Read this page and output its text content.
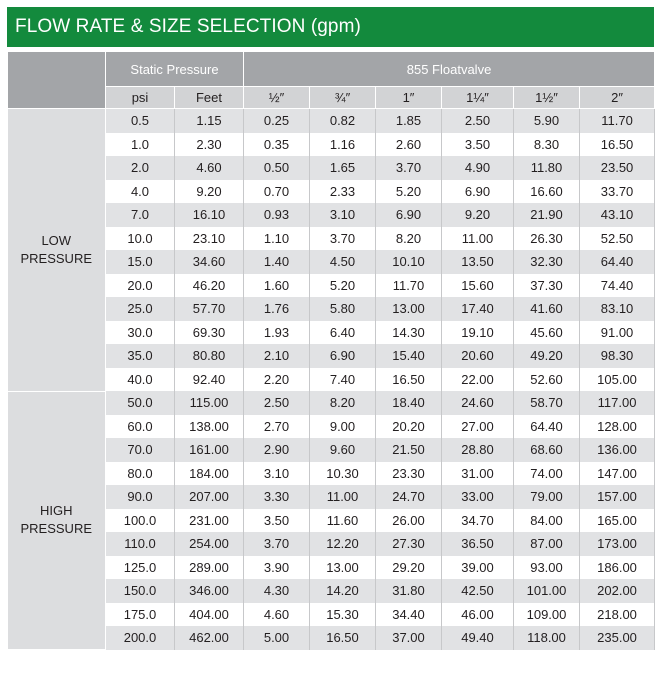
FLOW RATE & SIZE SELECTION (gpm)
	Static Pressure		855 Floatvalve					
	psi	Feet	½″	¾″	1″	1¼″	1½″	2″

LOW
PRESSURE	0.5	1.15	0.25	0.82	1.85	2.50	5.90	11.70
	1.0	2.30	0.35	1.16	2.60	3.50	8.30	16.50
	2.0	4.60	0.50	1.65	3.70	4.90	11.80	23.50
	4.0	9.20	0.70	2.33	5.20	6.90	16.60	33.70
	7.0	16.10	0.93	3.10	6.90	9.20	21.90	43.10
	10.0	23.10	1.10	3.70	8.20	11.00	26.30	52.50
	15.0	34.60	1.40	4.50	10.10	13.50	32.30	64.40
	20.0	46.20	1.60	5.20	11.70	15.60	37.30	74.40
	25.0	57.70	1.76	5.80	13.00	17.40	41.60	83.10
	30.0	69.30	1.93	6.40	14.30	19.10	45.60	91.00
	35.0	80.80	2.10	6.90	15.40	20.60	49.20	98.30
	40.0	92.40	2.20	7.40	16.50	22.00	52.60	105.00

HIGH
PRESSURE	50.0	115.00	2.50	8.20	18.40	24.60	58.70	117.00
	60.0	138.00	2.70	9.00	20.20	27.00	64.40	128.00
	70.0	161.00	2.90	9.60	21.50	28.80	68.60	136.00
	80.0	184.00	3.10	10.30	23.30	31.00	74.00	147.00
	90.0	207.00	3.30	11.00	24.70	33.00	79.00	157.00
	100.0	231.00	3.50	11.60	26.00	34.70	84.00	165.00
	110.0	254.00	3.70	12.20	27.30	36.50	87.00	173.00
	125.0	289.00	3.90	13.00	29.20	39.00	93.00	186.00
	150.0	346.00	4.30	14.20	31.80	42.50	101.00	202.00
	175.0	404.00	4.60	15.30	34.40	46.00	109.00	218.00
	200.0	462.00	5.00	16.50	37.00	49.40	118.00	235.00
